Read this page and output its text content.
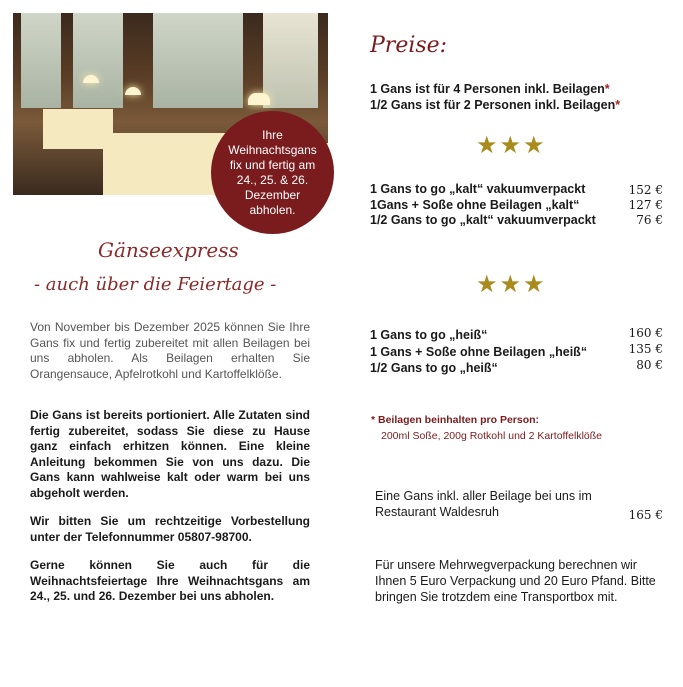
Ihre Weihnachtsgans fix und fertig am 24., 25. & 26. Dezember abholen.
Gänseexpress
- auch über die Feiertage -
Von November bis Dezember 2025 können Sie Ihre Gans fix und fertig zubereitet mit allen Beilagen bei uns abholen. Als Beilagen erhalten Sie Orangensauce, Apfelrotkohl und Kartoffelklöße.
Die Gans ist bereits portioniert. Alle Zutaten sind fertig zubereitet, sodass Sie diese zu Hause ganz einfach erhitzen können. Eine kleine Anleitung bekommen Sie von uns dazu. Die Gans kann wahlweise kalt oder warm bei uns abgeholt werden.
Wir bitten Sie um rechtzeitige Vorbestellung unter der Telefonnummer 05807-98700.
Gerne können Sie auch für die Weihnachtsfeiertage Ihre Weihnachtsgans am 24., 25. und 26. Dezember bei uns abholen.
Preise:
1 Gans ist für 4 Personen inkl. Beilagen*
1/2 Gans ist für 2 Personen inkl. Beilagen*
★★★
1 Gans to go „kalt“ vakuumverpackt	152 €
1Gans + Soße ohne Beilagen „kalt“	127 €
1/2 Gans to go „kalt“ vakuumverpackt	76 €
★★★
1 Gans to go „heiß“	160 €
1 Gans + Soße ohne Beilagen „heiß“	135 €
1/2 Gans to go „heiß“	80 €
* Beilagen beinhalten pro Person:
200ml Soße, 200g Rotkohl und 2 Kartoffelklöße
Eine Gans inkl. aller Beilage bei uns im
Restaurant Waldesruh	165 €
Für unsere Mehrwegverpackung berechnen wir Ihnen 5 Euro Verpackung und 20 Euro Pfand. Bitte bringen Sie trotzdem eine Transportbox mit.
